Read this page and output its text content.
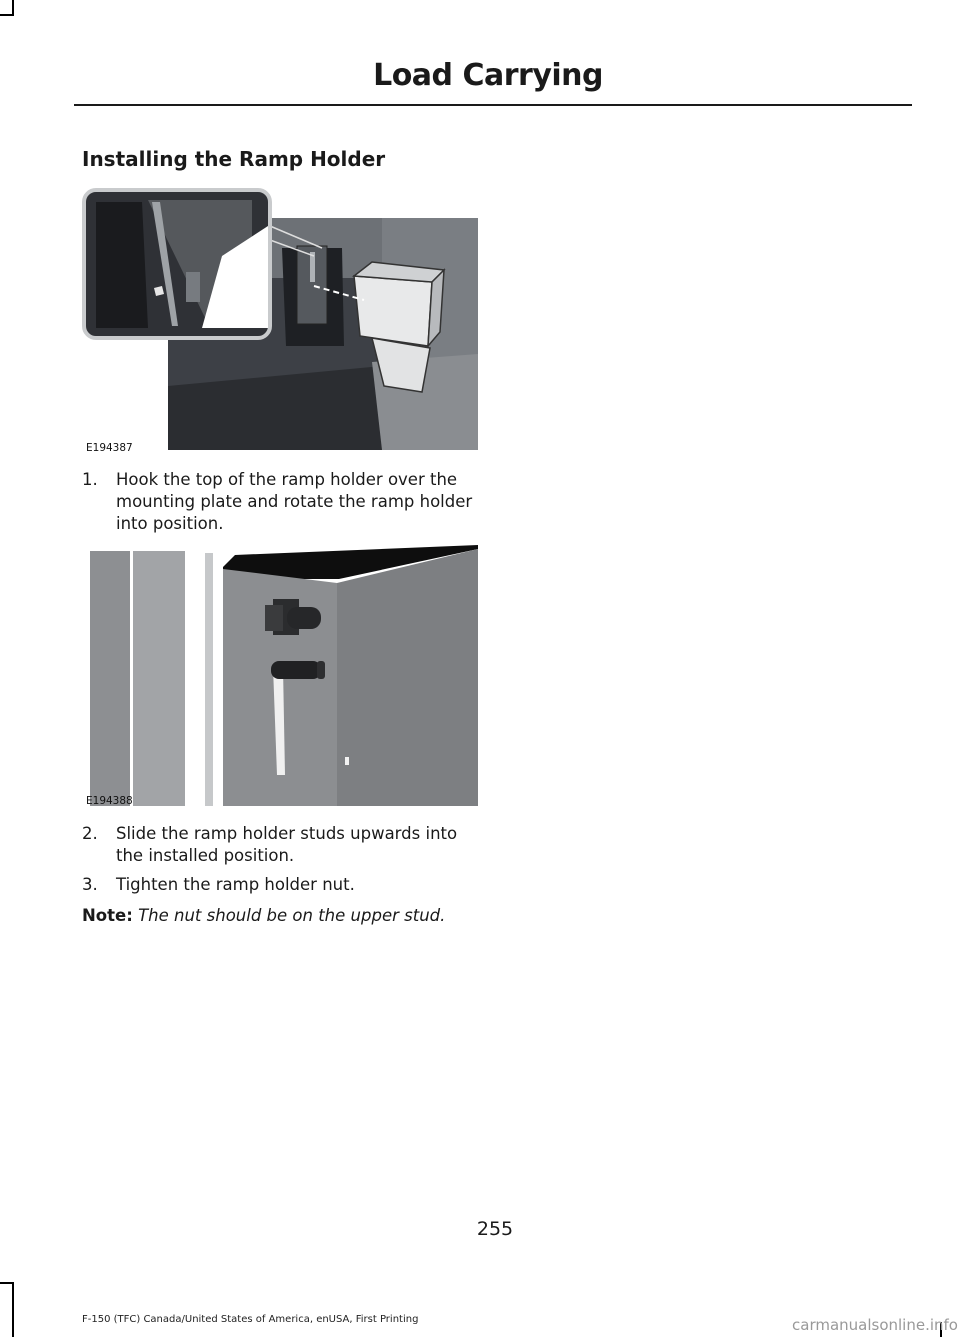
Load Carrying
Installing the Ramp Holder
E194387
1.	Hook the top of the ramp holder over the mounting plate and rotate the ramp holder into position.
E194388
2.	Slide the ramp holder studs upwards into the installed position.
3.	Tighten the ramp holder nut.
Note: The nut should be on the upper stud.
255
F-150 (TFC) Canada/United States of America, enUSA, First Printing	carmanualsonline.info
